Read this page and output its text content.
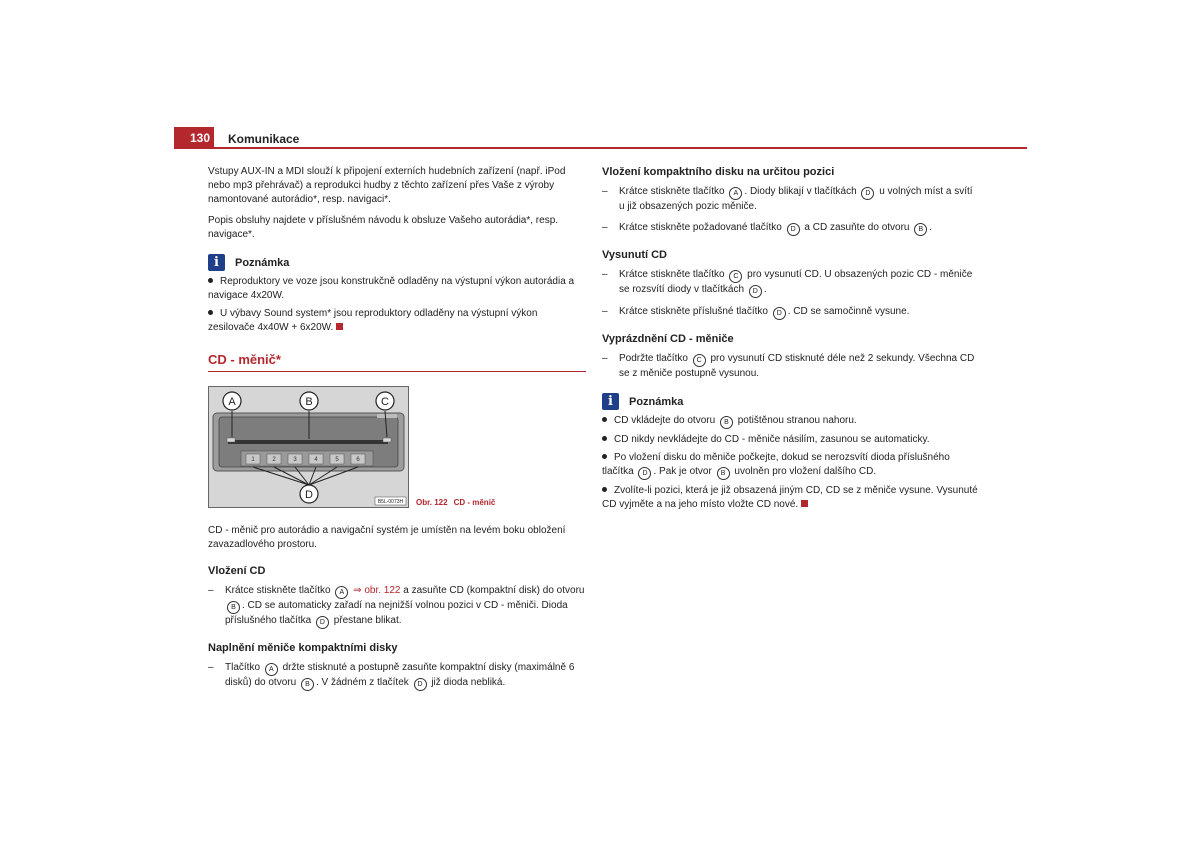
130 Komunikace

Vstupy AUX-IN a MDI slouží k připojení externích hudebních zařízení (např. iPod nebo mp3 přehrávač) a reprodukci hudby z těchto zařízení přes Vaše z výroby namontované autorádio*, resp. navigaci*.

Popis obsluhy najdete v příslušném návodu k obsluze Vašeho autorádia*, resp. navigace*.

i	Poznámka
Reproduktory ve voze jsou konstrukčně odladěny na výstupní výkon autorádia a navigace 4x20W.
U výbavy Sound system* jsou reproduktory odladěny na výstupní výkon zesilovače 4x40W + 6x20W.
CD - měnič*
1	2	3	4	5	6
A	B	C
D
B5L-0073H Obr. 122 CD - měnič

CD - měnič pro autorádio a navigační systém je umístěn na levém boku obložení zavazadlového prostoru.

Vložení CD
– Krátce stiskněte tlačítko A ⇒ obr. 122 a zasuňte CD (kompaktní disk) do otvoru B . CD se automaticky zařadí na nejnižší volnou pozici v CD - měniči. Dioda příslušného tlačítka D přestane blikat.
Naplnění měniče kompaktními disky
– Tlačítko A držte stisknuté a postupně zasuňte kompaktní disky (maximálně 6 disků) do otvoru B . V žádném z tlačítek D již dioda nebliká.
Vložení kompaktního disku na určitou pozici
– Krátce stiskněte tlačítko A . Diody blikají v tlačítkách D u volných míst a svítí u již obsazených pozic měniče.
– Krátce stiskněte požadované tlačítko D a CD zasuňte do otvoru B .
Vysunutí CD
– Krátce stiskněte tlačítko C pro vysunutí CD. U obsazených pozic CD - měniče se rozsvítí diody v tlačítkách D .
– Krátce stiskněte příslušné tlačítko D . CD se samočinně vysune.
Vyprázdnění CD - měniče
– Podržte tlačítko C pro vysunutí CD stisknuté déle než 2 sekundy. Všechna CD se z měniče postupně vysunou.
i	Poznámka
CD vkládejte do otvoru B potištěnou stranou nahoru.
CD nikdy nevkládejte do CD - měniče násilím, zasunou se automaticky.
Po vložení disku do měniče počkejte, dokud se nerozsvítí dioda příslušného tlačítka D . Pak je otvor B uvolněn pro vložení dalšího CD.
Zvolíte-li pozici, která je již obsazená jiným CD, CD se z měniče vysune. Vysunuté CD vyjměte a na jeho místo vložte CD nové.
